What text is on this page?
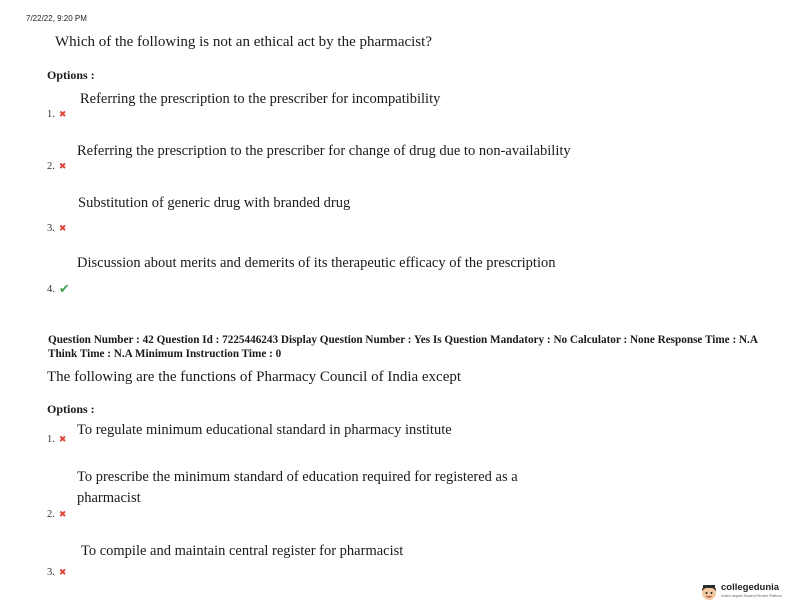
7/22/22, 9:20 PM
Which of the following is not an ethical act by the pharmacist?
Options :
Referring the prescription to the prescriber for incompatibility
1. ✖
Referring the prescription to the prescriber for change of drug due to non-availability
2. ✖
Substitution of generic drug with branded drug
3. ✖
Discussion about merits and demerits of its therapeutic efficacy of the prescription
4. ✔
Question Number : 42 Question Id : 7225446243 Display Question Number : Yes Is Question Mandatory : No Calculator : None Response Time : N.A Think Time : N.A Minimum Instruction Time : 0
The following are the functions of Pharmacy Council of India except
Options :
To regulate minimum educational standard in pharmacy institute
1. ✖
To prescribe the minimum standard of education required for registered as a pharmacist
2. ✖
To compile and maintain central register for pharmacist
3. ✖
collegedunia
India's largest Student Review Platform
